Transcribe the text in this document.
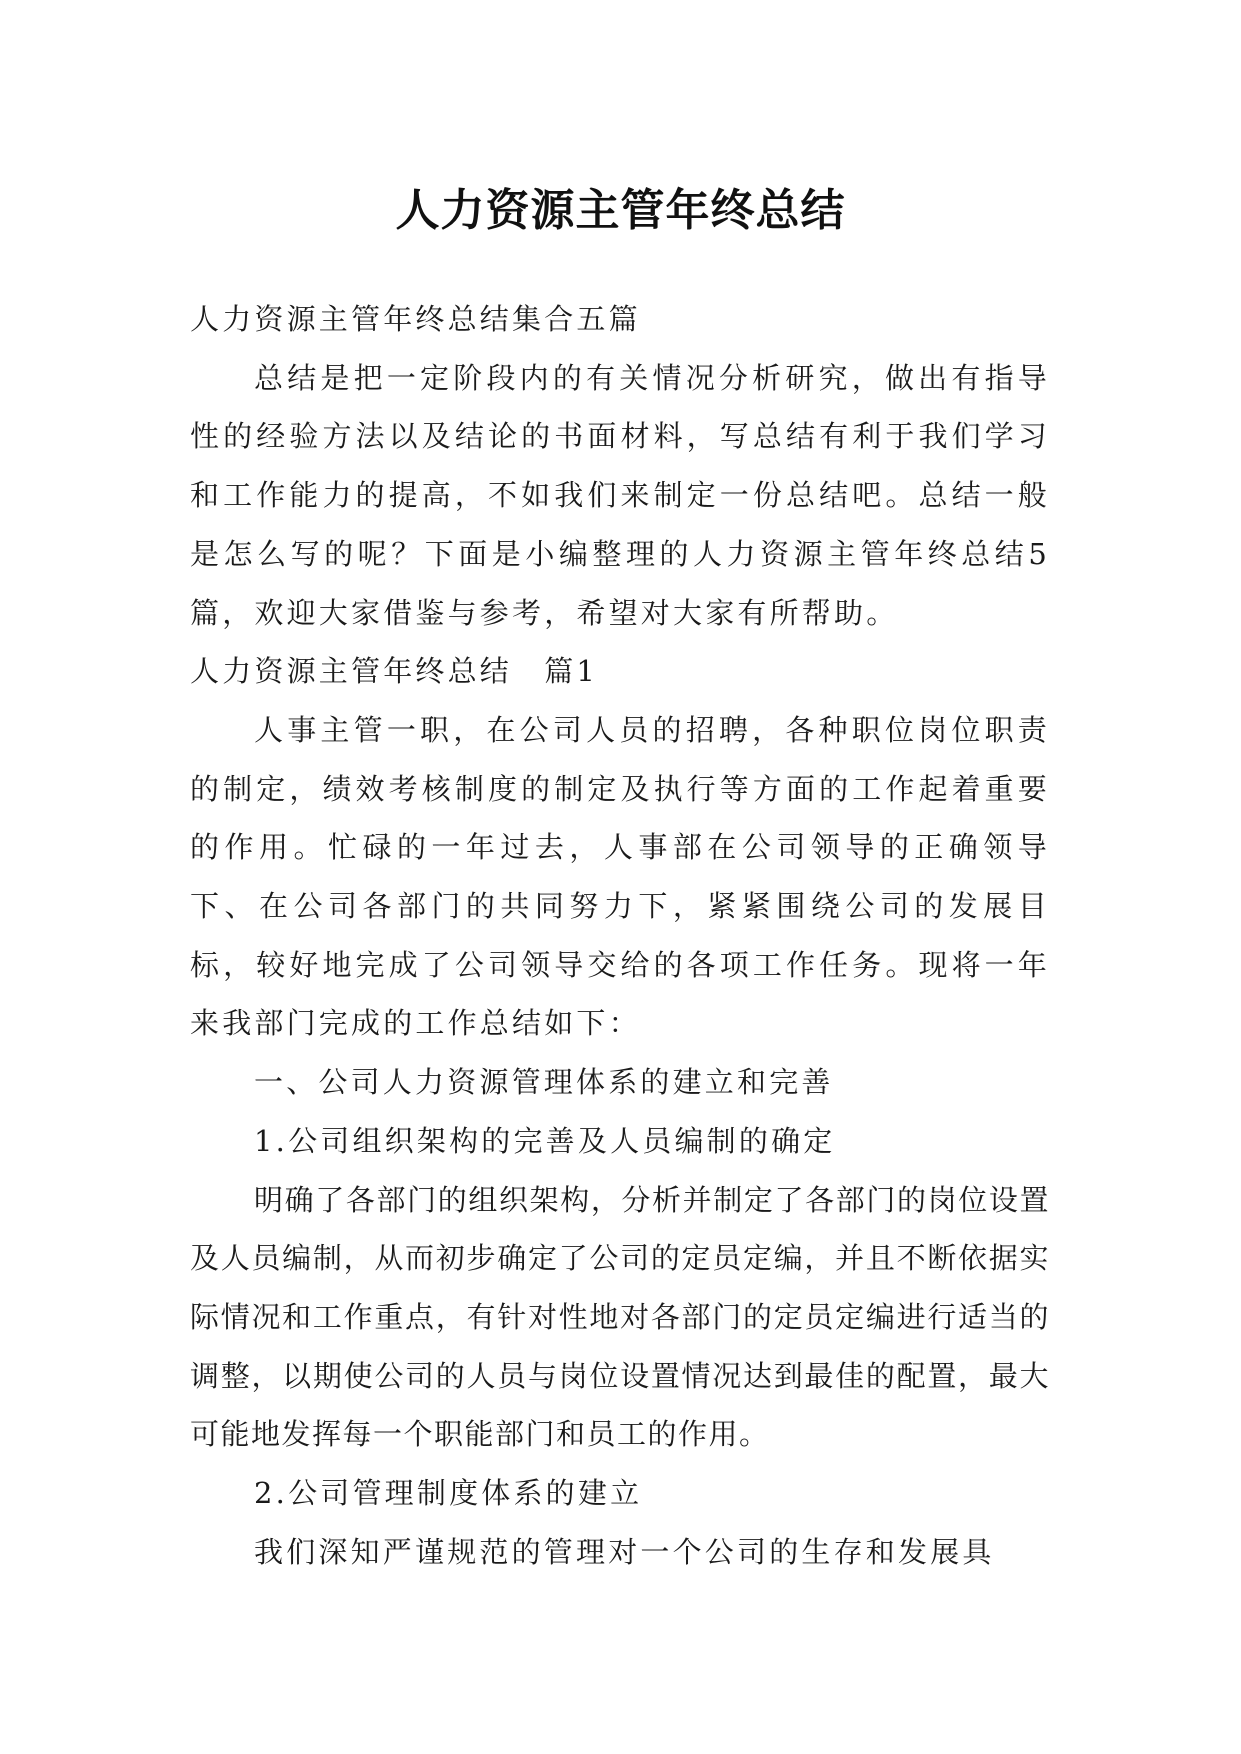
人力资源主管年终总结

人力资源主管年终总结集合五篇

总结是把一定阶段内的有关情况分析研究，做出有指导性的经验方法以及结论的书面材料，写总结有利于我们学习和工作能力的提高，不如我们来制定一份总结吧。总结一般是怎么写的呢？下面是小编整理的人力资源主管年终总结5篇，欢迎大家借鉴与参考，希望对大家有所帮助。

人力资源主管年终总结　篇1

人事主管一职，在公司人员的招聘，各种职位岗位职责的制定，绩效考核制度的制定及执行等方面的工作起着重要的作用。忙碌的一年过去，人事部在公司领导的正确领导下、在公司各部门的共同努力下，紧紧围绕公司的发展目标，较好地完成了公司领导交给的各项工作任务。现将一年来我部门完成的工作总结如下：

一、公司人力资源管理体系的建立和完善

1.公司组织架构的完善及人员编制的确定

明确了各部门的组织架构，分析并制定了各部门的岗位设置及人员编制，从而初步确定了公司的定员定编，并且不断依据实际情况和工作重点，有针对性地对各部门的定员定编进行适当的调整，以期使公司的人员与岗位设置情况达到最佳的配置，最大可能地发挥每一个职能部门和员工的作用。

2.公司管理制度体系的建立

我们深知严谨规范的管理对一个公司的生存和发展具
